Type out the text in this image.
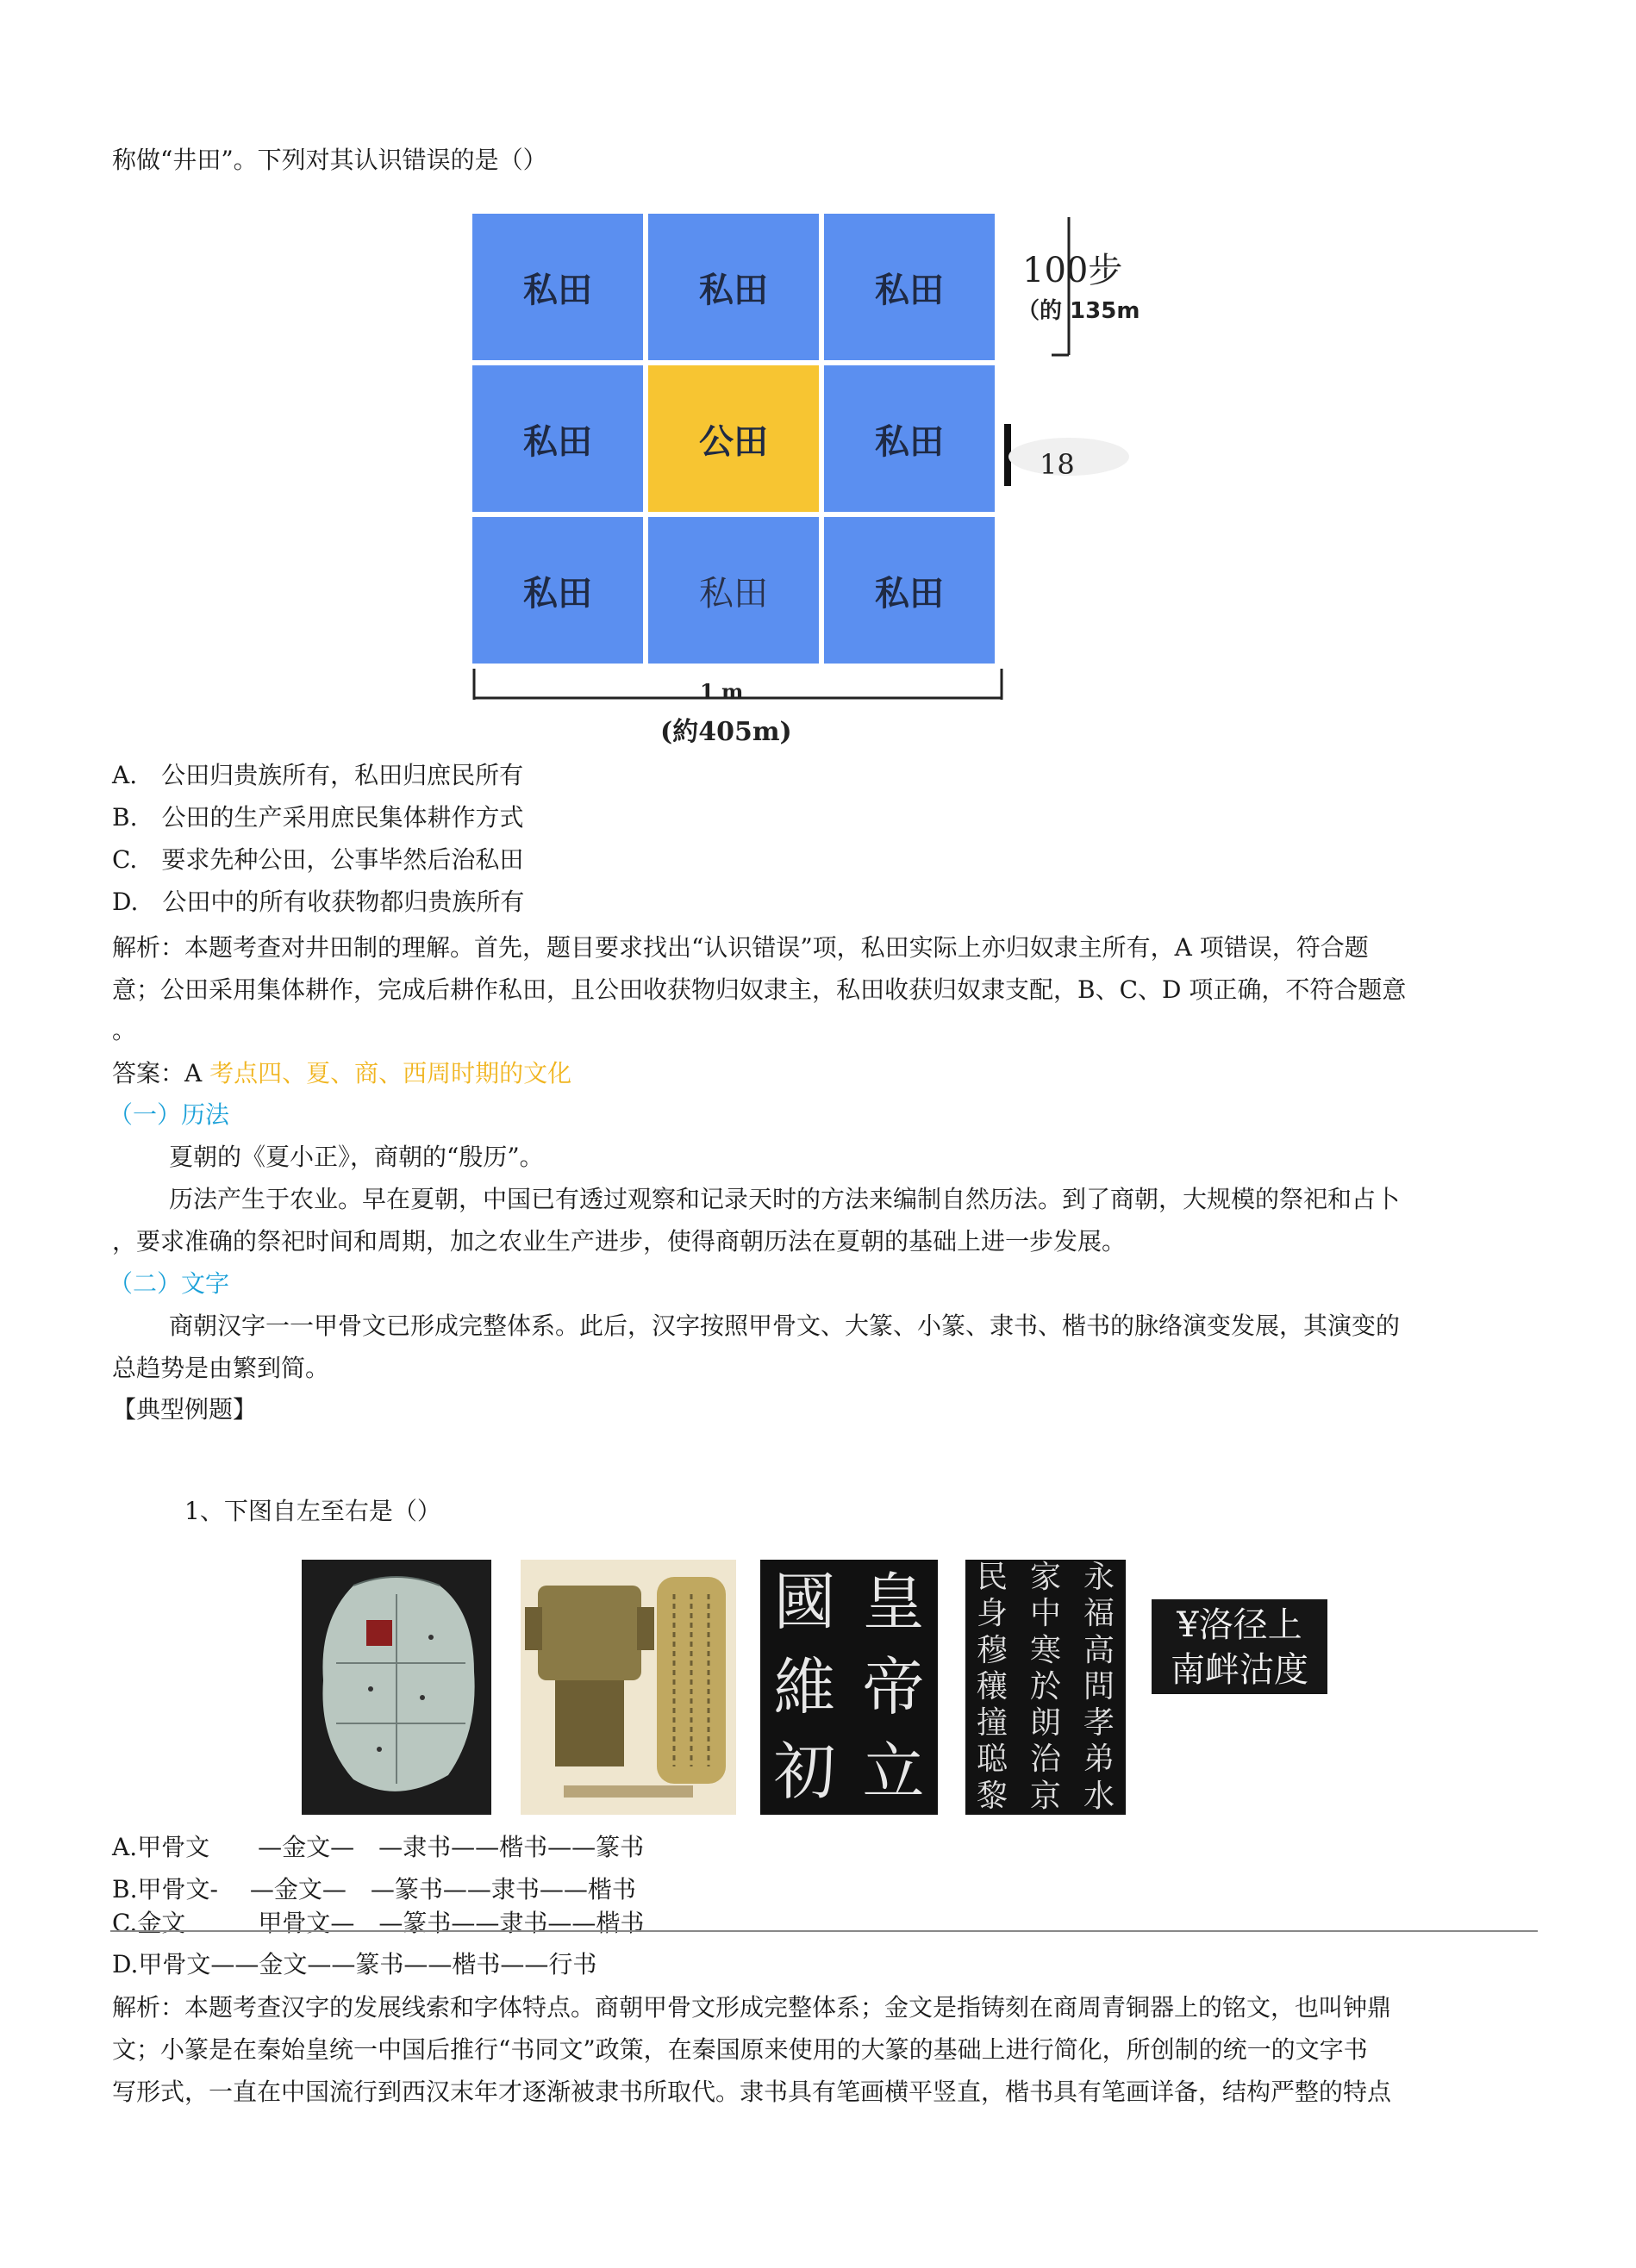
称做“井田”。下列对其认识错误的是（）
私田	私田	私田
私田	公田	私田
私田	私田	私田
100步
（的 135m
18
1 m
(約405m)
A.　公田归贵族所有，私田归庶民所有
B.　公田的生产采用庶民集体耕作方式
C.　要求先种公田，公事毕然后治私田
D.　公田中的所有收获物都归贵族所有
解析：本题考查对井田制的理解。首先，题目要求找出“认识错误”项，私田实际上亦归奴隶主所有，A 项错误，符合题
意；公田采用集体耕作，完成后耕作私田，且公田收获物归奴隶主，私田收获归奴隶支配，B、C、D 项正确，不符合题意
。
答案：A 考点四、夏、商、西周时期的文化
（一）历法
夏朝的《夏小正》，商朝的“殷历”。
历法产生于农业。早在夏朝，中国已有透过观察和记录天时的方法来编制自然历法。到了商朝，大规模的祭祀和占卜
，要求准确的祭祀时间和周期，加之农业生产进步，使得商朝历法在夏朝的基础上进一步发展。
（二）文字
商朝汉字一一甲骨文已形成完整体系。此后，汉字按照甲骨文、大篆、小篆、隶书、楷书的脉络演变发展，其演变的
总趋势是由繁到简。
【典型例题】
1、下图自左至右是（）
國 皇
維 帝
初 立
民 家 永
身 中 福
穆 寒 高
穰 於 問
撞 朗 孝
聪 治 弟
黎 京 水
¥洛径上
南衅沽度
A.甲骨文　　—金文—　—隶书——楷书——篆书
B.甲骨文-　 —金文—　—篆书——隶书——楷书
C.金文　　　甲骨文—　—篆书——隶书——楷书
D.甲骨文——金文——篆书——楷书——行书
解析：本题考查汉字的发展线索和字体特点。商朝甲骨文形成完整体系；金文是指铸刻在商周青铜器上的铭文，也叫钟鼎
文；小篆是在秦始皇统一中国后推行“书同文”政策，在秦国原来使用的大篆的基础上进行简化，所创制的统一的文字书
写形式，一直在中国流行到西汉末年才逐渐被隶书所取代。隶书具有笔画横平竖直，楷书具有笔画详备，结构严整的特点
